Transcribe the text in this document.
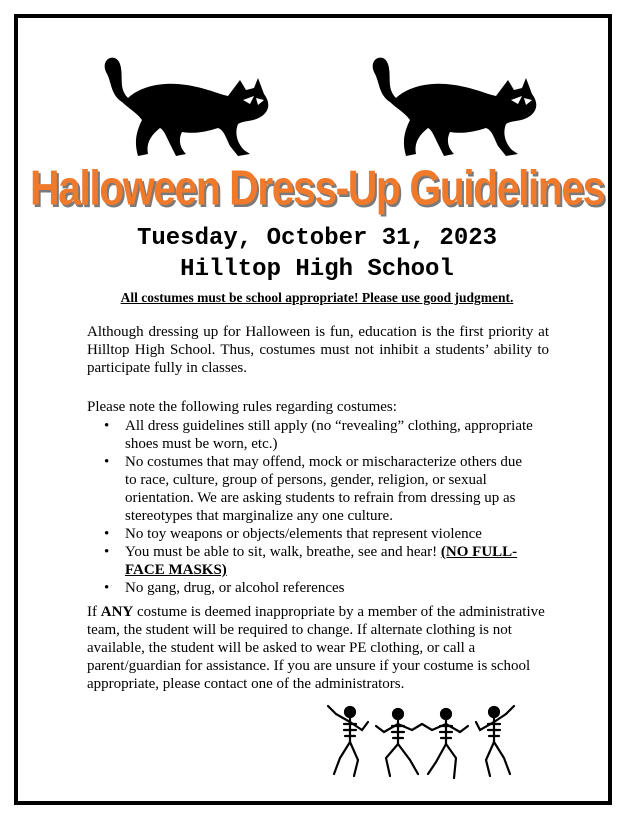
Halloween Dress-Up Guidelines
Tuesday, October 31, 2023
Hilltop High School
All costumes must be school appropriate! Please use good judgment.
Although dressing up for Halloween is fun, education is the first priority at Hilltop High School. Thus, costumes must not inhibit a students’ ability to participate fully in classes.
Please note the following rules regarding costumes:
• All dress guidelines still apply (no “revealing” clothing, appropriate shoes must be worn, etc.)
• No costumes that may offend, mock or mischaracterize others due to race, culture, group of persons, gender, religion, or sexual orientation. We are asking students to refrain from dressing up as stereotypes that marginalize any one culture.
• No toy weapons or objects/elements that represent violence
• You must be able to sit, walk, breathe, see and hear! (NO FULL-FACE MASKS)
• No gang, drug, or alcohol references
If ANY costume is deemed inappropriate by a member of the administrative team, the student will be required to change. If alternate clothing is not available, the student will be asked to wear PE clothing, or call a parent/guardian for assistance. If you are unsure if your costume is school appropriate, please contact one of the administrators.
